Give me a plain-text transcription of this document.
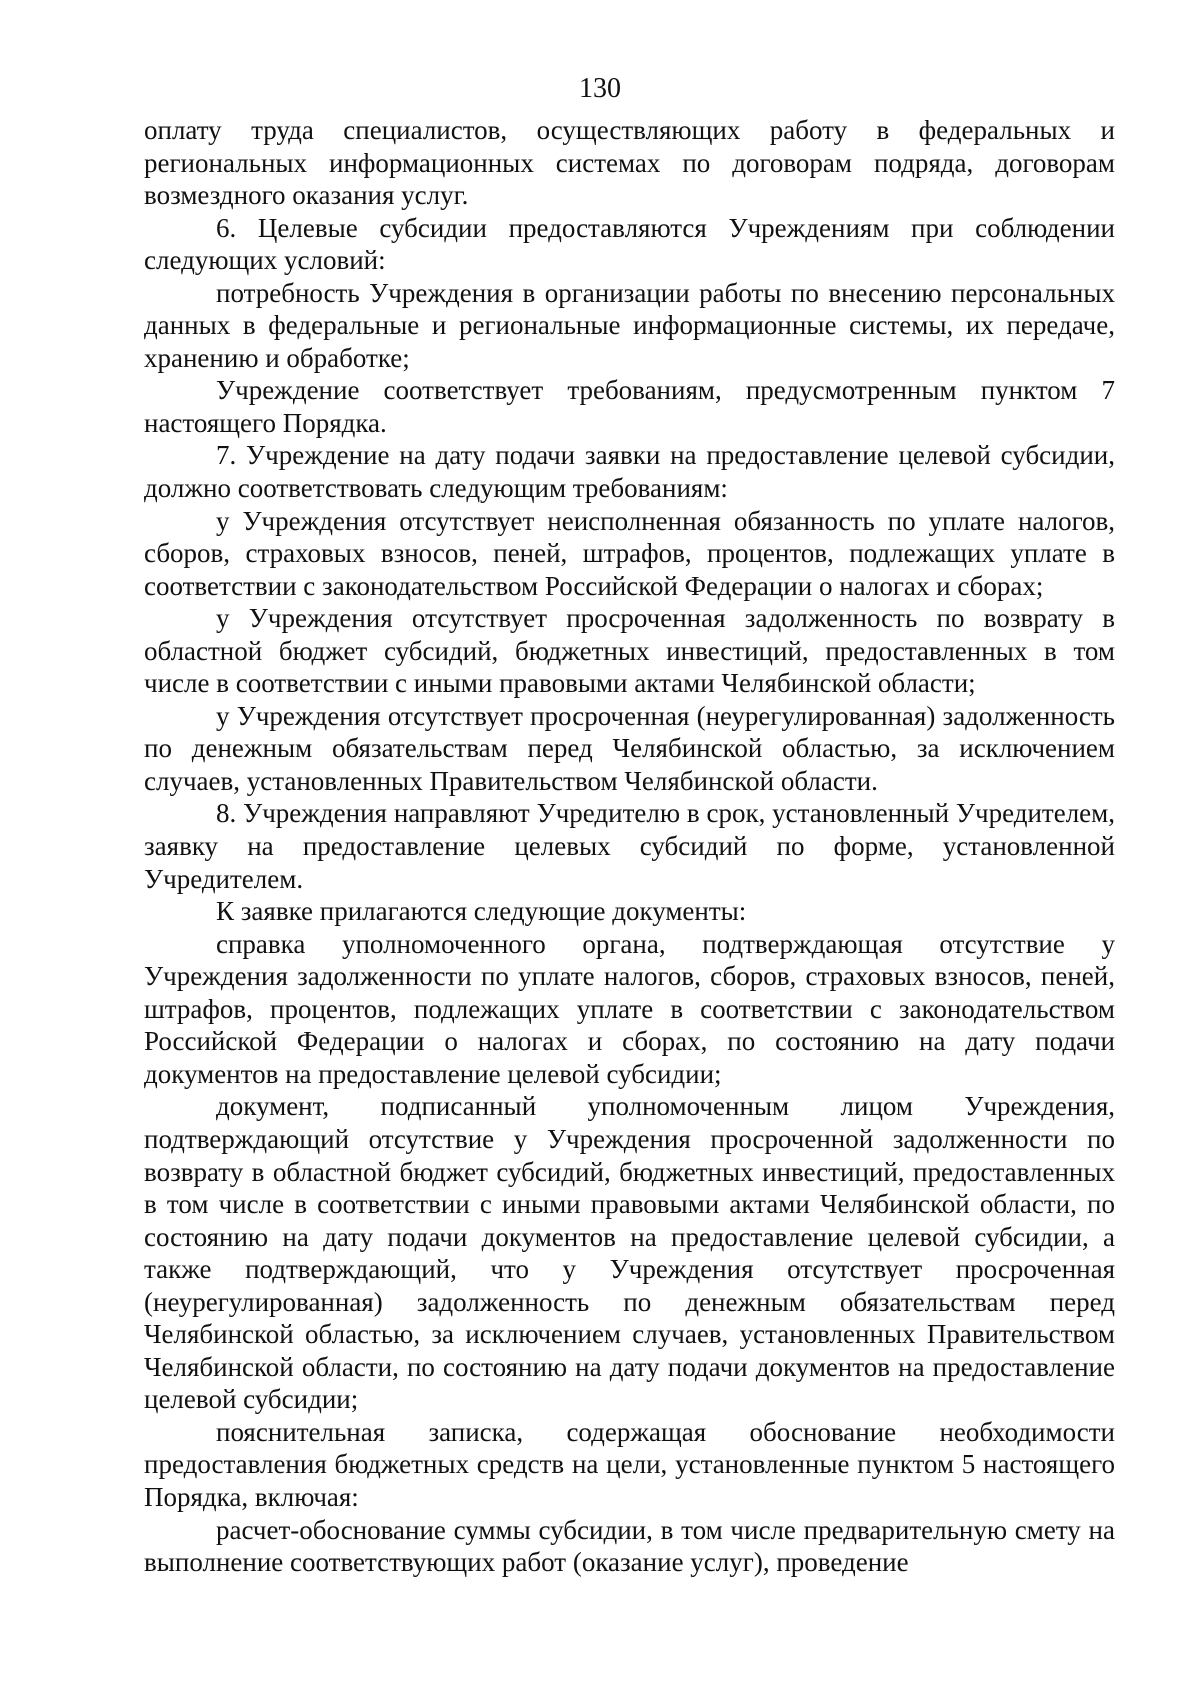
130

оплату труда специалистов, осуществляющих работу в федеральных и региональных информационных системах по договорам подряда, договорам возмездного оказания услуг.

6. Целевые субсидии предоставляются Учреждениям при соблюдении следующих условий:

потребность Учреждения в организации работы по внесению персональных данных в федеральные и региональные информационные системы, их передаче, хранению и обработке;

Учреждение соответствует требованиям, предусмотренным пунктом 7 настоящего Порядка.

7. Учреждение на дату подачи заявки на предоставление целевой субсидии, должно соответствовать следующим требованиям:

у Учреждения отсутствует неисполненная обязанность по уплате налогов, сборов, страховых взносов, пеней, штрафов, процентов, подлежащих уплате в соответствии с законодательством Российской Федерации о налогах и сборах;

у Учреждения отсутствует просроченная задолженность по возврату в областной бюджет субсидий, бюджетных инвестиций, предоставленных в том числе в соответствии с иными правовыми актами Челябинской области;

у Учреждения отсутствует просроченная (неурегулированная) задолженность по денежным обязательствам перед Челябинской областью, за исключением случаев, установленных Правительством Челябинской области.

8. Учреждения направляют Учредителю в срок, установленный Учредителем, заявку на предоставление целевых субсидий по форме, установленной Учредителем.

К заявке прилагаются следующие документы:

справка уполномоченного органа, подтверждающая отсутствие у Учреждения задолженности по уплате налогов, сборов, страховых взносов, пеней, штрафов, процентов, подлежащих уплате в соответствии с законодательством Российской Федерации о налогах и сборах, по состоянию на дату подачи документов на предоставление целевой субсидии;

документ, подписанный уполномоченным лицом Учреждения, подтверждающий отсутствие у Учреждения просроченной задолженности по возврату в областной бюджет субсидий, бюджетных инвестиций, предоставленных в том числе в соответствии с иными правовыми актами Челябинской области, по состоянию на дату подачи документов на предоставление целевой субсидии, а также подтверждающий, что у Учреждения отсутствует просроченная (неурегулированная) задолженность по денежным обязательствам перед Челябинской областью, за исключением случаев, установленных Правительством Челябинской области, по состоянию на дату подачи документов на предоставление целевой субсидии;

пояснительная записка, содержащая обоснование необходимости предоставления бюджетных средств на цели, установленные пунктом 5 настоящего Порядка, включая:

расчет-обоснование суммы субсидии, в том числе предварительную смету на выполнение соответствующих работ (оказание услуг), проведение
